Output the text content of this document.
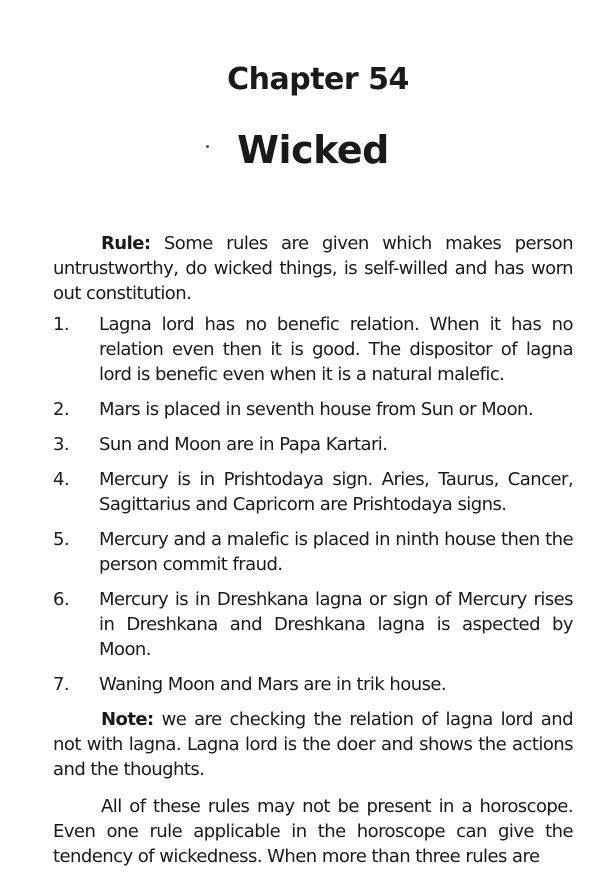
Chapter 54
Wicked

Rule: Some rules are given which makes person untrustworthy, do wicked things, is self-willed and has worn out constitution.

1.	Lagna lord has no benefic relation. When it has no relation even then it is good. The dispositor of lagna lord is benefic even when it is a natural malefic.
2.	Mars is placed in seventh house from Sun or Moon.
3.	Sun and Moon are in Papa Kartari.
4.	Mercury is in Prishtodaya sign. Aries, Taurus, Cancer, Sagittarius and Capricorn are Prishtodaya signs.
5.	Mercury and a malefic is placed in ninth house then the person commit fraud.
6.	Mercury is in Dreshkana lagna or sign of Mercury rises in Dreshkana and Dreshkana lagna is aspected by Moon.
7.	Waning Moon and Mars are in trik house.

Note: we are checking the relation of lagna lord and not with lagna. Lagna lord is the doer and shows the actions and the thoughts.

All of these rules may not be present in a horoscope. Even one rule applicable in the horoscope can give the tendency of wickedness. When more than three rules are
